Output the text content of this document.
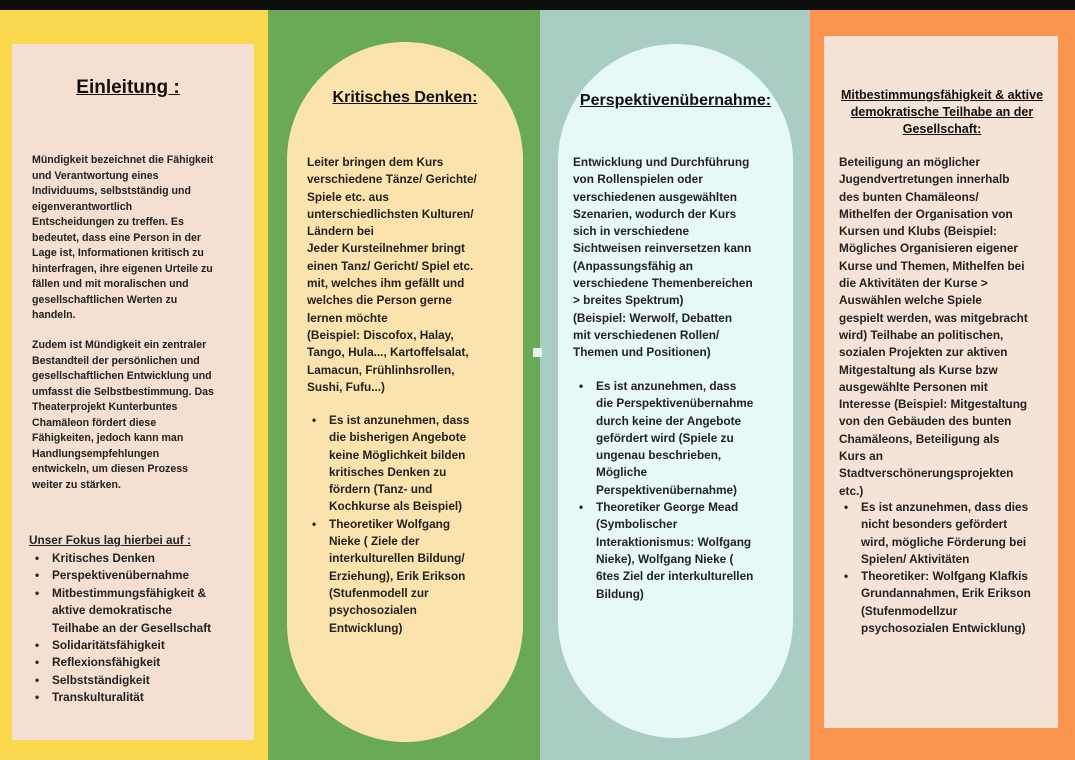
Einleitung :
Mündigkeit bezeichnet die Fähigkeit
und Verantwortung eines
Individuums, selbstständig und
eigenverantwortlich
Entscheidungen zu treffen. Es
bedeutet, dass eine Person in der
Lage ist, Informationen kritisch zu
hinterfragen, ihre eigenen Urteile zu
fällen und mit moralischen und
gesellschaftlichen Werten zu
handeln.
Zudem ist Mündigkeit ein zentraler
Bestandteil der persönlichen und
gesellschaftlichen Entwicklung und
umfasst die Selbstbestimmung. Das
Theaterprojekt Kunterbuntes
Chamäleon fördert diese
Fähigkeiten, jedoch kann man
Handlungsempfehlungen
entwickeln, um diesen Prozess
weiter zu stärken.
Unser Fokus lag hierbei auf :
• Kritisches Denken
• Perspektivenübernahme
• Mitbestimmungsfähigkeit &
aktive demokratische
Teilhabe an der Gesellschaft
• Solidaritätsfähigkeit
• Reflexionsfähigkeit
• Selbstständigkeit
• Transkulturalität
Kritisches Denken:
Leiter bringen dem Kurs
verschiedene Tänze/ Gerichte/
Spiele etc. aus
unterschiedlichsten Kulturen/
Ländern bei
Jeder Kursteilnehmer bringt
einen Tanz/ Gericht/ Spiel etc.
mit, welches ihm gefällt und
welches die Person gerne
lernen möchte
(Beispiel: Discofox, Halay,
Tango, Hula..., Kartoffelsalat,
Lamacun, Frühlinhsrollen,
Sushi, Fufu...)
• Es ist anzunehmen, dass
die bisherigen Angebote
keine Möglichkeit bilden
kritisches Denken zu
fördern (Tanz- und
Kochkurse als Beispiel)
• Theoretiker Wolfgang
Nieke ( Ziele der
interkulturellen Bildung/
Erziehung), Erik Erikson
(Stufenmodell zur
psychosozialen
Entwicklung)
Perspektivenübernahme:
Entwicklung und Durchführung
von Rollenspielen oder
verschiedenen ausgewählten
Szenarien, wodurch der Kurs
sich in verschiedene
Sichtweisen reinversetzen kann
(Anpassungsfähig an
verschiedene Themenbereichen
> breites Spektrum)
(Beispiel: Werwolf, Debatten
mit verschiedenen Rollen/
Themen und Positionen)
• Es ist anzunehmen, dass
die Perspektivenübernahme
durch keine der Angebote
gefördert wird (Spiele zu
ungenau beschrieben,
Mögliche
Perspektivenübernahme)
• Theoretiker George Mead
(Symbolischer
Interaktionismus: Wolfgang
Nieke), Wolfgang Nieke (
6tes Ziel der interkulturellen
Bildung)
Mitbestimmungsfähigkeit & aktive
demokratische Teilhabe an der
Gesellschaft:
Beteiligung an möglicher
Jugendvertretungen innerhalb
des bunten Chamäleons/
Mithelfen der Organisation von
Kursen und Klubs (Beispiel:
Mögliches Organisieren eigener
Kurse und Themen, Mithelfen bei
die Aktivitäten der Kurse >
Auswählen welche Spiele
gespielt werden, was mitgebracht
wird) Teilhabe an politischen,
sozialen Projekten zur aktiven
Mitgestaltung als Kurse bzw
ausgewählte Personen mit
Interesse (Beispiel: Mitgestaltung
von den Gebäuden des bunten
Chamäleons, Beteiligung als
Kurs an
Stadtverschönerungsprojekten
etc.)
• Es ist anzunehmen, dass dies
nicht besonders gefördert
wird, mögliche Förderung bei
Spielen/ Aktivitäten
• Theoretiker: Wolfgang Klafkis
Grundannahmen, Erik Erikson
(Stufenmodellzur
psychosozialen Entwicklung)
